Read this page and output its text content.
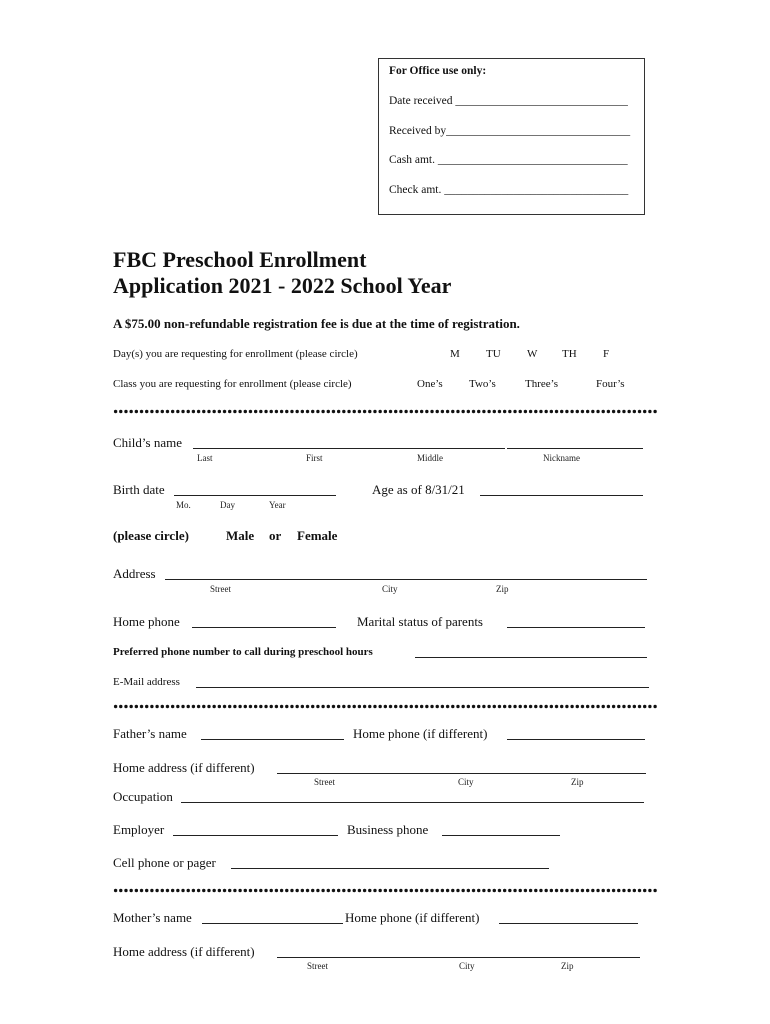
For Office use only:
Date received ______________________________
Received by________________________________
Cash amt. _________________________________
Check amt. ________________________________
FBC Preschool Enrollment
Application 2021 - 2022 School Year
A $75.00 non-refundable registration fee is due at the time of registration.
Day(s) you are requesting for enrollment (please circle)	M TU W TH F
Class you are requesting for enrollment (please circle)	One’s Two’s	Three’s	Four’s
Child’s name
Last	First	Middle	Nickname
Birth date
Mo.	Day	Year
Age as of 8/31/21
(please circle)	Male or Female
Address
Street	City	Zip
Home phone	Marital status of parents
Preferred phone number to call during preschool hours
E-Mail address
Father’s name	Home phone (if different)
Home address (if different)
Street	City	Zip
Occupation
Employer	Business phone
Cell phone or pager
Mother’s name	Home phone (if different)
Home address (if different)
Street	City	Zip
